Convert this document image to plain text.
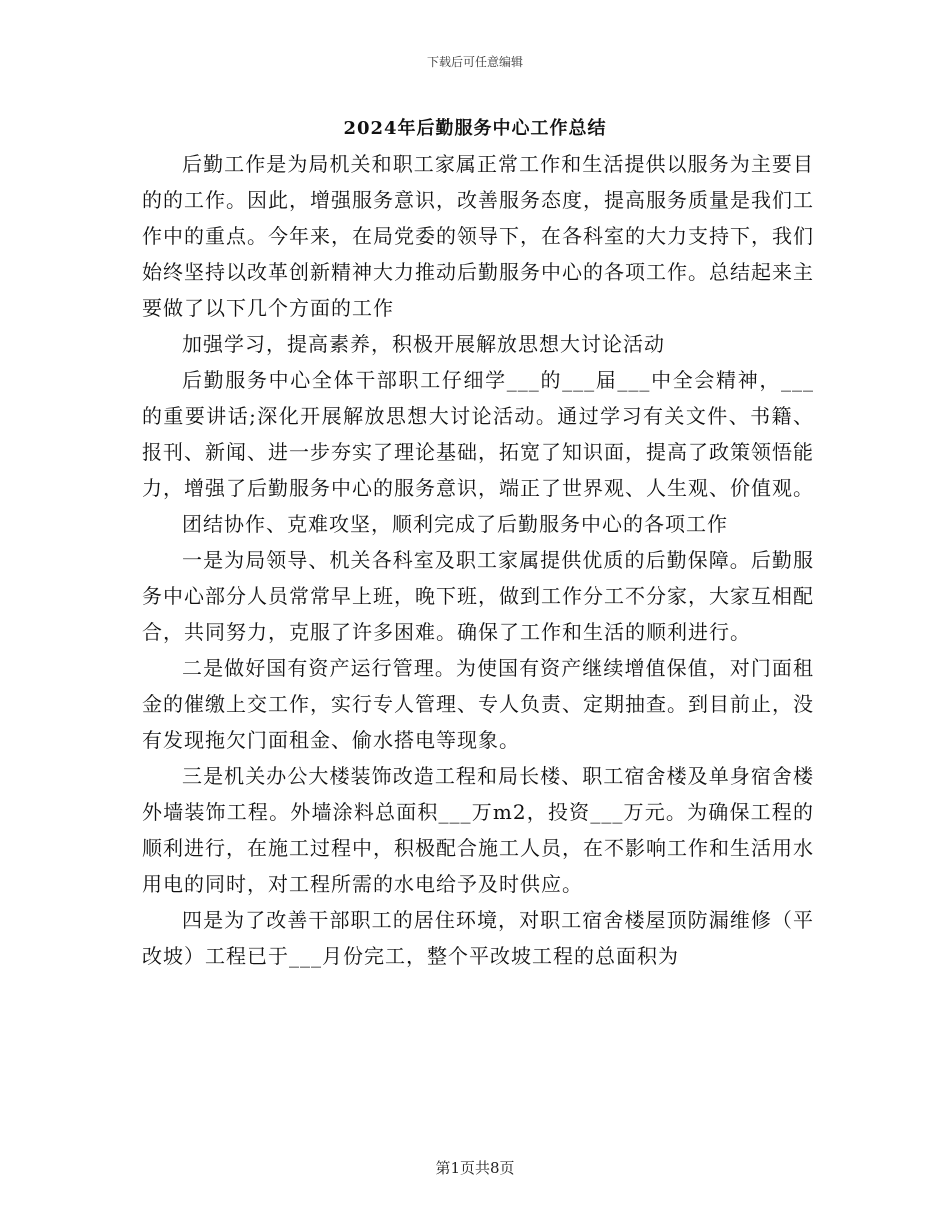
下载后可任意编辑
2024年后勤服务中心工作总结

后勤工作是为局机关和职工家属正常工作和生活提供以服务为主要目的的工作。因此，增强服务意识，改善服务态度，提高服务质量是我们工作中的重点。今年来，在局党委的领导下，在各科室的大力支持下，我们始终坚持以改革创新精神大力推动后勤服务中心的各项工作。总结起来主要做了以下几个方面的工作

加强学习，提高素养，积极开展解放思想大讨论活动

后勤服务中心全体干部职工仔细学___的___届___中全会精神，___的重要讲话;深化开展解放思想大讨论活动。通过学习有关文件、书籍、报刊、新闻、进一步夯实了理论基础，拓宽了知识面，提高了政策领悟能力，增强了后勤服务中心的服务意识，端正了世界观、人生观、价值观。

团结协作、克难攻坚，顺利完成了后勤服务中心的各项工作

一是为局领导、机关各科室及职工家属提供优质的后勤保障。后勤服务中心部分人员常常早上班，晚下班，做到工作分工不分家，大家互相配合，共同努力，克服了许多困难。确保了工作和生活的顺利进行。

二是做好国有资产运行管理。为使国有资产继续增值保值，对门面租金的催缴上交工作，实行专人管理、专人负责、定期抽查。到目前止，没有发现拖欠门面租金、偷水搭电等现象。

三是机关办公大楼装饰改造工程和局长楼、职工宿舍楼及单身宿舍楼外墙装饰工程。外墙涂料总面积___万m2，投资___万元。为确保工程的顺利进行，在施工过程中，积极配合施工人员，在不影响工作和生活用水用电的同时，对工程所需的水电给予及时供应。

四是为了改善干部职工的居住环境，对职工宿舍楼屋顶防漏维修（平改坡）工程已于___月份完工，整个平改坡工程的总面积为

第1页共8页
